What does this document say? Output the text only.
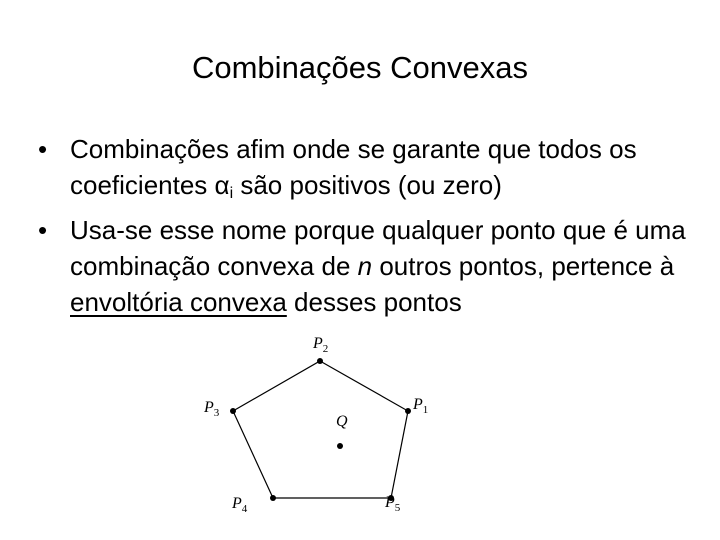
Combinações Convexas
• Combinações afim onde se garante que todos os coeficientes αi são positivos (ou zero)
• Usa-se esse nome porque qualquer ponto que é uma combinação convexa de n outros pontos, pertence à envoltória convexa desses pontos
$P_1$
$P_2$
$P_3$
$P_4$	$P_5$
Q
